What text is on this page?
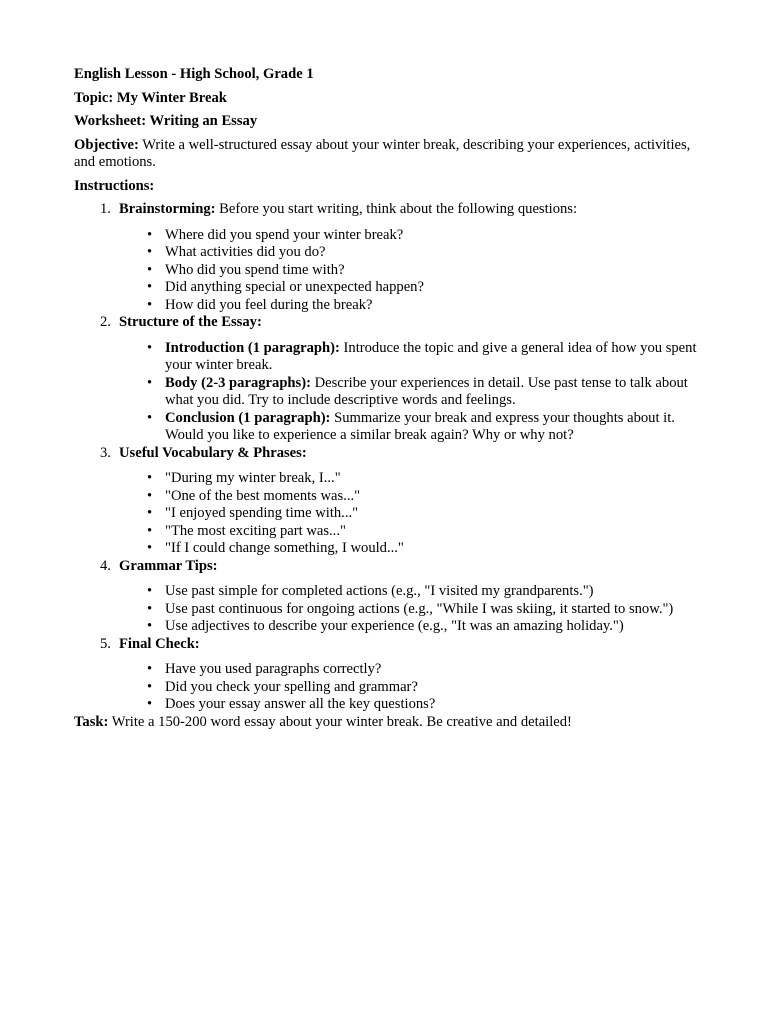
English Lesson - High School, Grade 1

Topic: My Winter Break

Worksheet: Writing an Essay

Objective: Write a well-structured essay about your winter break, describing your experiences, activities, and emotions.

Instructions:

1. Brainstorming: Before you start writing, think about the following questions:
• Where did you spend your winter break?
• What activities did you do?
• Who did you spend time with?
• Did anything special or unexpected happen?
• How did you feel during the break?
2. Structure of the Essay:
• Introduction (1 paragraph): Introduce the topic and give a general idea of how you spent your winter break.
• Body (2-3 paragraphs): Describe your experiences in detail. Use past tense to talk about what you did. Try to include descriptive words and feelings.
• Conclusion (1 paragraph): Summarize your break and express your thoughts about it. Would you like to experience a similar break again? Why or why not?
3. Useful Vocabulary & Phrases:
• "During my winter break, I..."
• "One of the best moments was..."
• "I enjoyed spending time with..."
• "The most exciting part was..."
• "If I could change something, I would..."
4. Grammar Tips:
• Use past simple for completed actions (e.g., "I visited my grandparents.")
• Use past continuous for ongoing actions (e.g., "While I was skiing, it started to snow.")
• Use adjectives to describe your experience (e.g., "It was an amazing holiday.")
5. Final Check:
• Have you used paragraphs correctly?
• Did you check your spelling and grammar?
• Does your essay answer all the key questions?

Task: Write a 150-200 word essay about your winter break. Be creative and detailed!
